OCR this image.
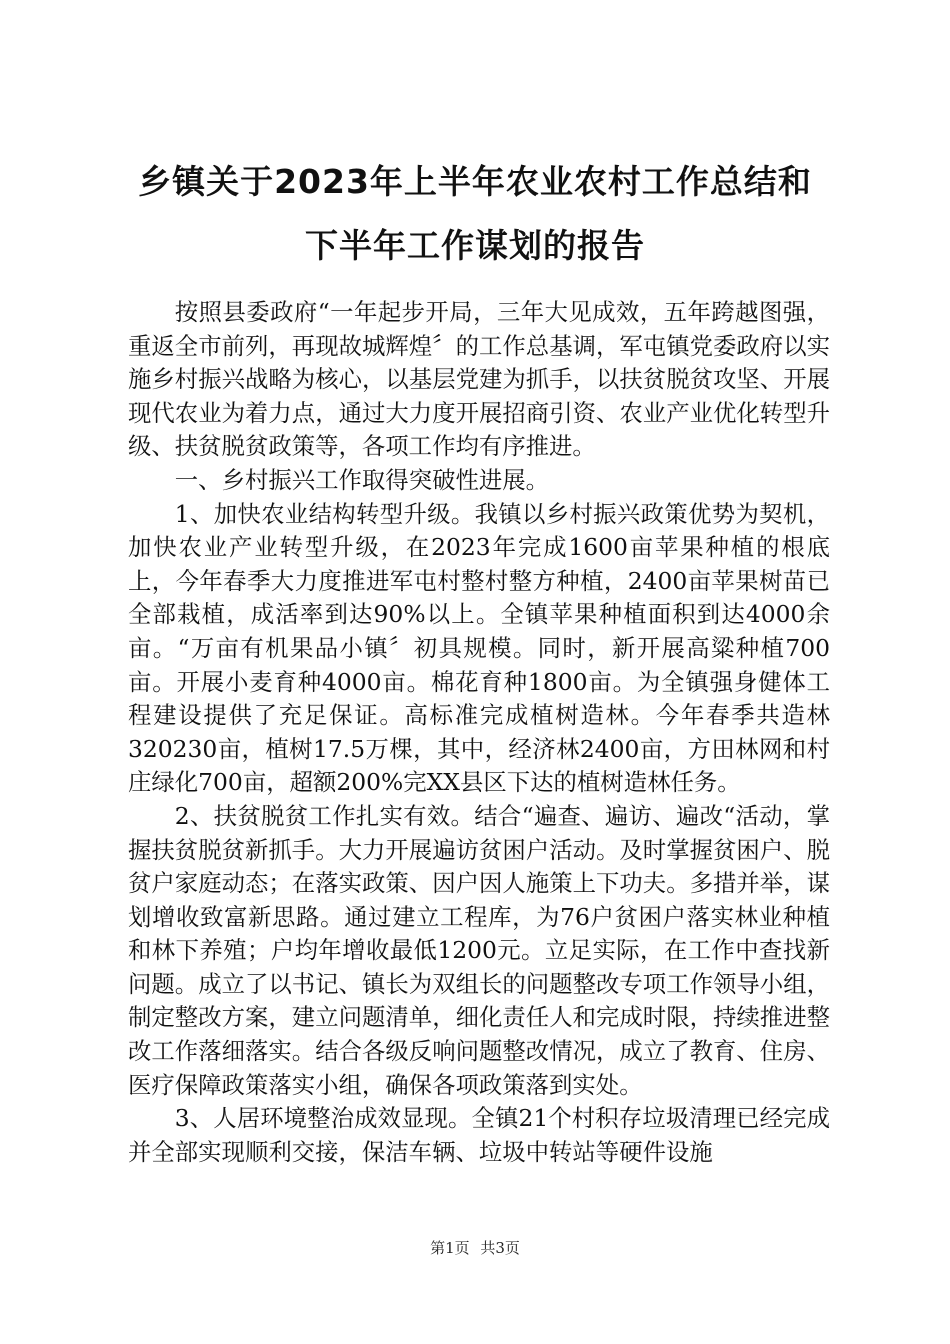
乡镇关于2023年上半年农业农村工作总结和
下半年工作谋划的报告

按照县委政府“一年起步开局，三年大见成效，五年跨越图强，重返全市前列，再现故城辉煌〞的工作总基调，军屯镇党委政府以实施乡村振兴战略为核心，以基层党建为抓手，以扶贫脱贫攻坚、开展现代农业为着力点，通过大力度开展招商引资、农业产业优化转型升级、扶贫脱贫政策等，各项工作均有序推进。

一、乡村振兴工作取得突破性进展。

1、加快农业结构转型升级。我镇以乡村振兴政策优势为契机，加快农业产业转型升级，在2023年完成1600亩苹果种植的根底上，今年春季大力度推进军屯村整村整方种植，2400亩苹果树苗已全部栽植，成活率到达90%以上。全镇苹果种植面积到达4000余亩。“万亩有机果品小镇〞初具规模。同时，新开展高粱种植700亩。开展小麦育种4000亩。棉花育种1800亩。为全镇强身健体工程建设提供了充足保证。高标准完成植树造林。今年春季共造林320230亩，植树17.5万棵，其中，经济林2400亩，方田林网和村庄绿化700亩，超额200%完XX县区下达的植树造林任务。

2、扶贫脱贫工作扎实有效。结合“遍查、遍访、遍改“活动，掌握扶贫脱贫新抓手。大力开展遍访贫困户活动。及时掌握贫困户、脱贫户家庭动态；在落实政策、因户因人施策上下功夫。多措并举，谋划增收致富新思路。通过建立工程库，为76户贫困户落实林业种植和林下养殖；户均年增收最低1200元。立足实际，在工作中查找新问题。成立了以书记、镇长为双组长的问题整改专项工作领导小组，制定整改方案，建立问题清单，细化责任人和完成时限，持续推进整改工作落细落实。结合各级反响问题整改情况，成立了教育、住房、医疗保障政策落实小组，确保各项政策落到实处。

3、人居环境整治成效显现。全镇21个村积存垃圾清理已经完成并全部实现顺利交接，保洁车辆、垃圾中转站等硬件设施

第1页 共3页
